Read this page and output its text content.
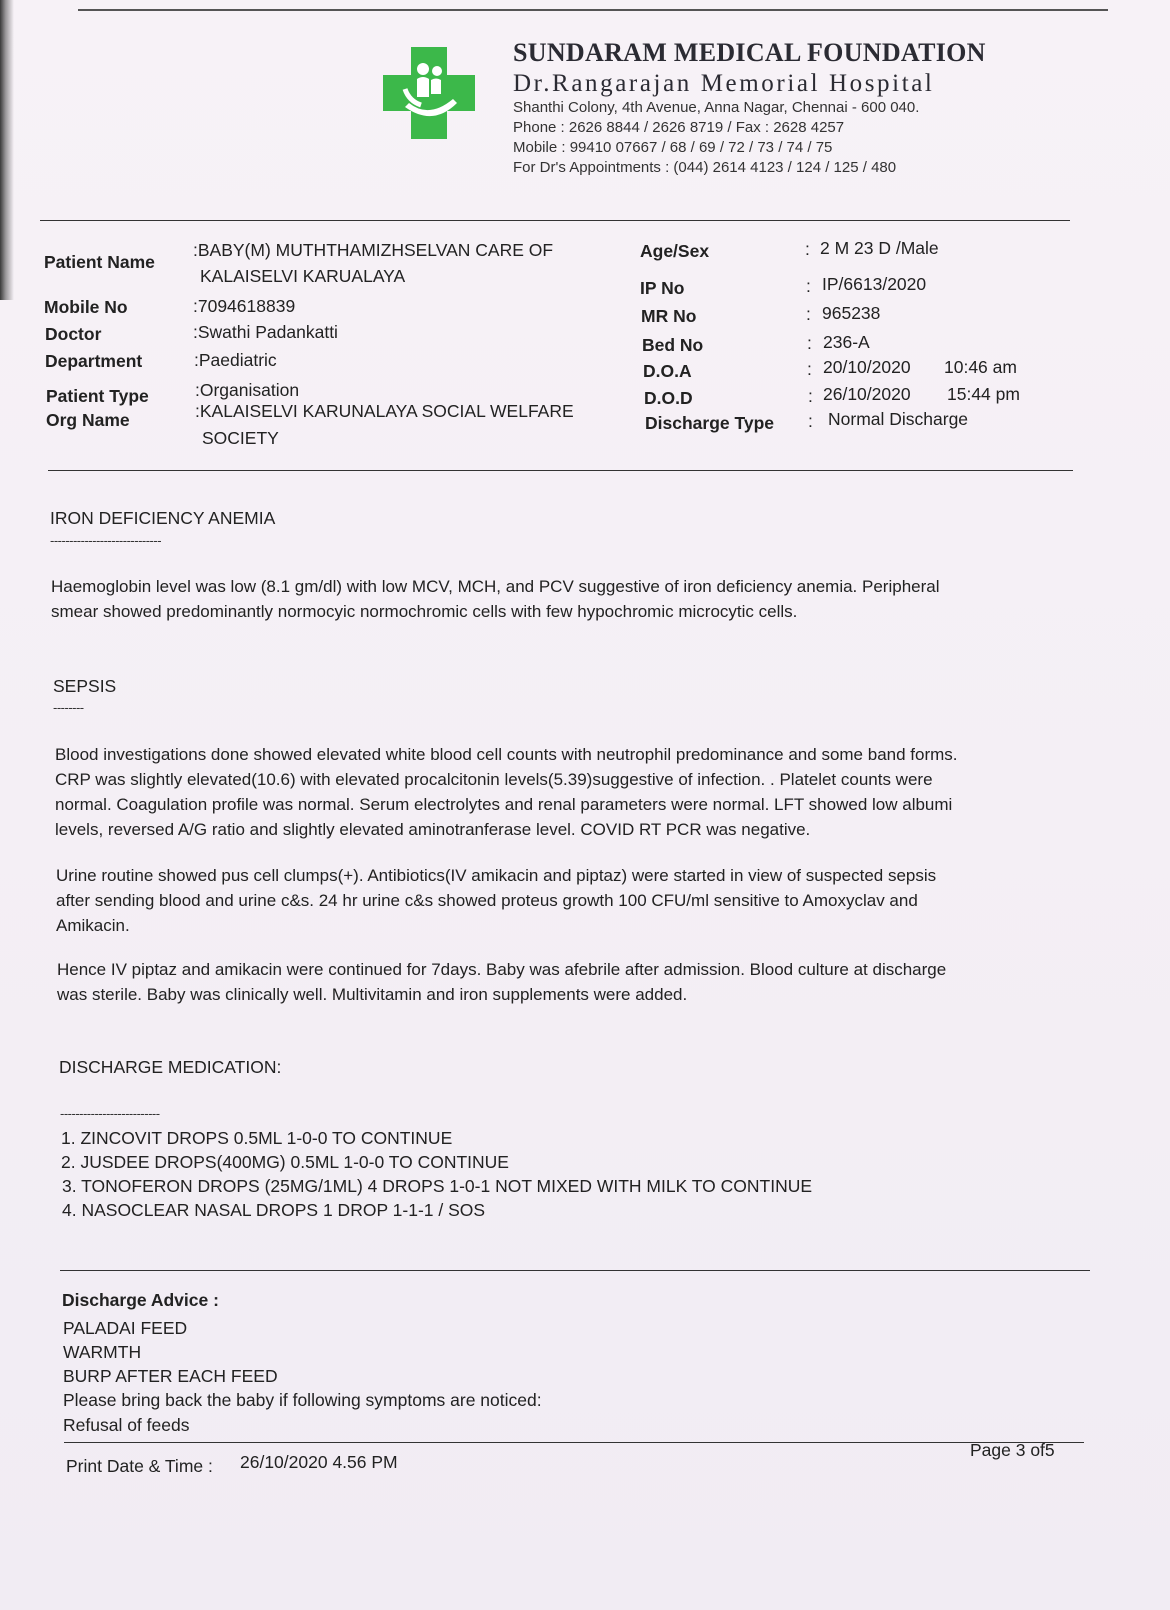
SUNDARAM MEDICAL FOUNDATION
Dr.Rangarajan Memorial Hospital
Shanthi Colony, 4th Avenue, Anna Nagar, Chennai - 600 040.
Phone : 2626 8844 / 2626 8719 / Fax : 2628 4257
Mobile : 99410 07667 / 68 / 69 / 72 / 73 / 74 / 75
For Dr's Appointments : (044) 2614 4123 / 124 / 125 / 480
Patient Name
:BABY(M) MUTHTHAMIZHSELVAN CARE OF
KALAISELVI KARUALAYA
Mobile No	:7094618839
Doctor	:Swathi Padankatti
Department	:Paediatric
Patient Type	:Organisation
Org Name	:KALAISELVI KARUNALAYA SOCIAL WELFARE
SOCIETY
Age/Sex	: 2 M 23 D /Male
IP No	: IP/6613/2020
MR No	: 965238
Bed No	: 236-A
D.O.A	: 20/10/2020 10:46 am
D.O.D	: 26/10/2020 15:44 pm
Discharge Type : Normal Discharge
IRON DEFICIENCY ANEMIA
-----------------------------
Haemoglobin level was low (8.1 gm/dl) with low MCV, MCH, and PCV suggestive of iron deficiency anemia. Peripheral
smear showed predominantly normocyic normochromic cells with few hypochromic microcytic cells.
SEPSIS
--------
Blood investigations done showed elevated white blood cell counts with neutrophil predominance and some band forms.
CRP was slightly elevated(10.6) with elevated procalcitonin levels(5.39)suggestive of infection. . Platelet counts were
normal. Coagulation profile was normal. Serum electrolytes and renal parameters were normal. LFT showed low albumi
levels, reversed A/G ratio and slightly elevated aminotranferase level. COVID RT PCR was negative.
Urine routine showed pus cell clumps(+). Antibiotics(IV amikacin and piptaz) were started in view of suspected sepsis
after sending blood and urine c&s. 24 hr urine c&s showed proteus growth 100 CFU/ml sensitive to Amoxyclav and
Amikacin.
Hence IV piptaz and amikacin were continued for 7days. Baby was afebrile after admission. Blood culture at discharge
was sterile. Baby was clinically well. Multivitamin and iron supplements were added.
DISCHARGE MEDICATION:
--------------------------
1. ZINCOVIT DROPS 0.5ML 1-0-0 TO CONTINUE
2. JUSDEE DROPS(400MG) 0.5ML 1-0-0 TO CONTINUE
3. TONOFERON DROPS (25MG/1ML) 4 DROPS 1-0-1 NOT MIXED WITH MILK TO CONTINUE
4. NASOCLEAR NASAL DROPS 1 DROP 1-1-1 / SOS
Discharge Advice :
PALADAI FEED
WARMTH
BURP AFTER EACH FEED
Please bring back the baby if following symptoms are noticed:
Refusal of feeds
Print Date & Time : 26/10/2020 4.56 PM
Page 3 of5
